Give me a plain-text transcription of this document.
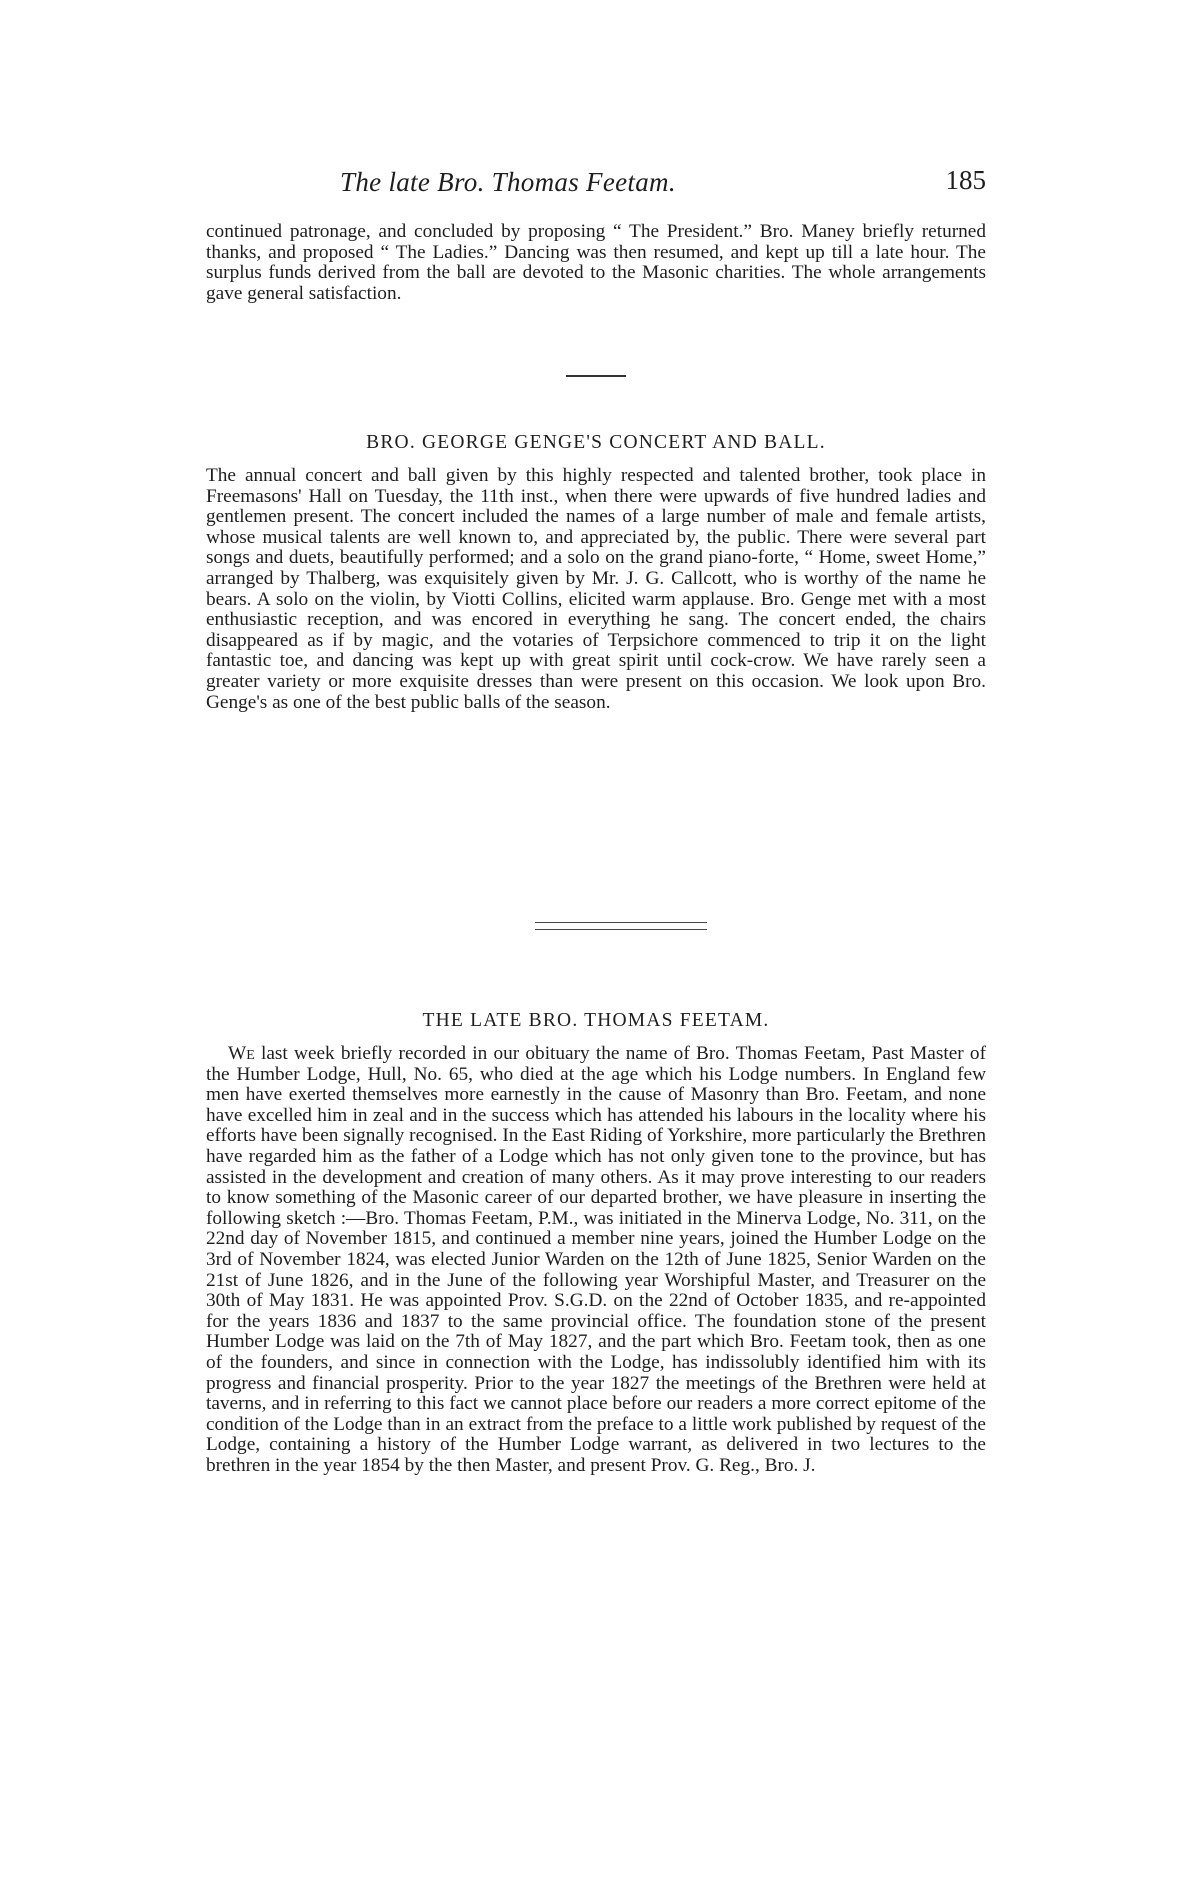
The late Bro. Thomas Feetam.	185

continued patronage, and concluded by proposing “ The President.” Bro. Maney briefly returned thanks, and proposed “ The Ladies.” Dancing was then resumed, and kept up till a late hour. The surplus funds derived from the ball are devoted to the Masonic charities. The whole arrangements gave general satisfaction.

BRO. GEORGE GENGE'S CONCERT AND BALL.

The annual concert and ball given by this highly respected and talented brother, took place in Freemasons' Hall on Tuesday, the 11th inst., when there were upwards of five hundred ladies and gentlemen present. The concert included the names of a large number of male and female artists, whose musical talents are well known to, and appreciated by, the public. There were several part songs and duets, beautifully performed; and a solo on the grand piano-forte, “ Home, sweet Home,” arranged by Thalberg, was exquisitely given by Mr. J. G. Callcott, who is worthy of the name he bears. A solo on the violin, by Viotti Collins, elicited warm applause. Bro. Genge met with a most enthusiastic reception, and was encored in everything he sang. The concert ended, the chairs disappeared as if by magic, and the votaries of Terpsichore commenced to trip it on the light fantastic toe, and dancing was kept up with great spirit until cock-crow. We have rarely seen a greater variety or more exquisite dresses than were present on this occasion. We look upon Bro. Genge's as one of the best public balls of the season.

THE LATE BRO. THOMAS FEETAM.

We last week briefly recorded in our obituary the name of Bro. Thomas Feetam, Past Master of the Humber Lodge, Hull, No. 65, who died at the age which his Lodge numbers. In England few men have exerted themselves more earnestly in the cause of Masonry than Bro. Feetam, and none have excelled him in zeal and in the success which has attended his labours in the locality where his efforts have been signally recognised. In the East Riding of Yorkshire, more particularly the Brethren have regarded him as the father of a Lodge which has not only given tone to the province, but has assisted in the development and creation of many others. As it may prove interesting to our readers to know something of the Masonic career of our departed brother, we have pleasure in inserting the following sketch :—Bro. Thomas Feetam, P.M., was initiated in the Minerva Lodge, No. 311, on the 22nd day of November 1815, and continued a member nine years, joined the Humber Lodge on the 3rd of November 1824, was elected Junior Warden on the 12th of June 1825, Senior Warden on the 21st of June 1826, and in the June of the following year Worshipful Master, and Treasurer on the 30th of May 1831. He was appointed Prov. S.G.D. on the 22nd of October 1835, and re-appointed for the years 1836 and 1837 to the same provincial office. The foundation stone of the present Humber Lodge was laid on the 7th of May 1827, and the part which Bro. Feetam took, then as one of the founders, and since in connection with the Lodge, has indissolubly identified him with its progress and financial prosperity. Prior to the year 1827 the meetings of the Brethren were held at taverns, and in referring to this fact we cannot place before our readers a more correct epitome of the condition of the Lodge than in an extract from the preface to a little work published by request of the Lodge, containing a history of the Humber Lodge warrant, as delivered in two lectures to the brethren in the year 1854 by the then Master, and present Prov. G. Reg., Bro. J.
